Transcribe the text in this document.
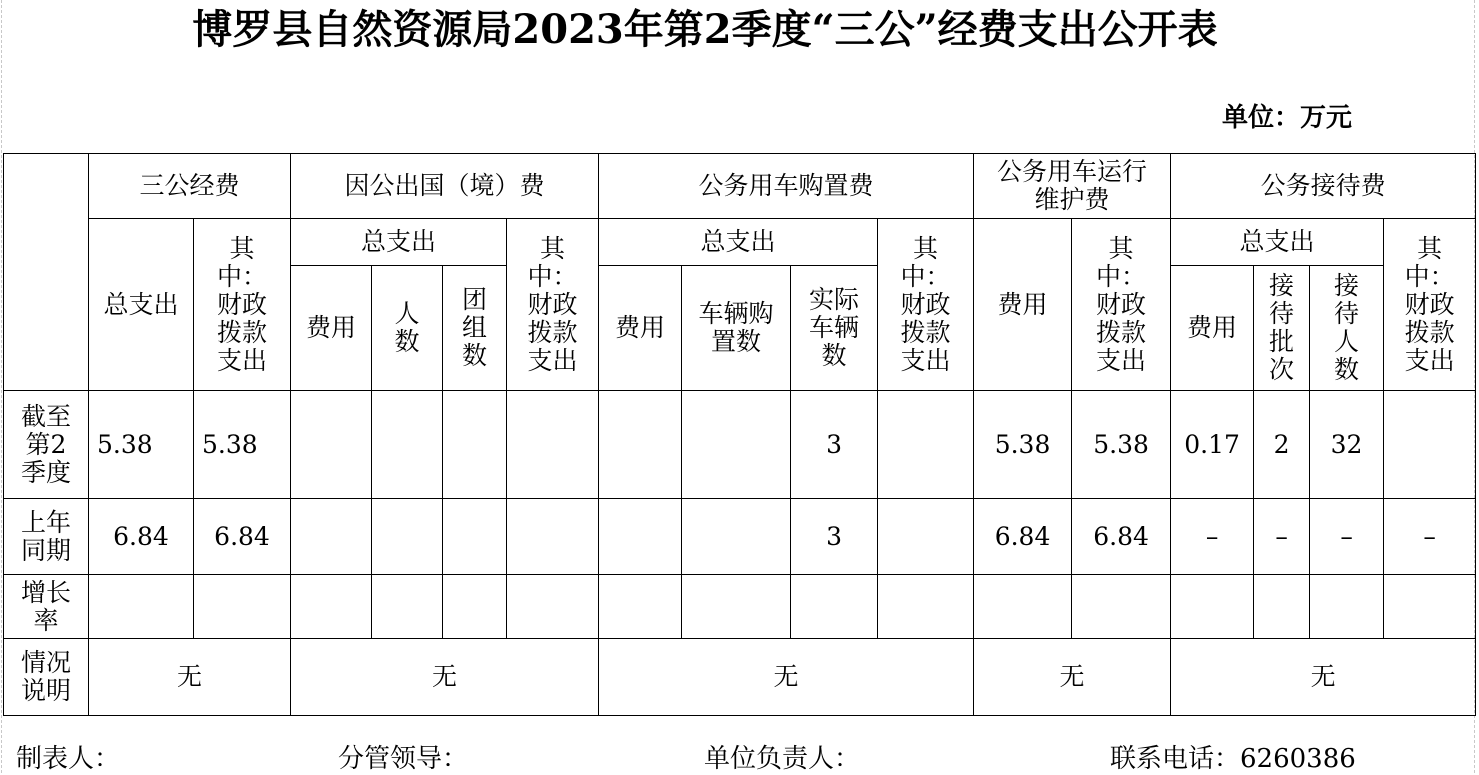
博罗县自然资源局2023年第2季度“三公”经费支出公开表
单位：万元
	三公经费		因公出国（境）费				公务用车购置费				公务用车运行维护费		公务接待费			
	总支出	其中：财政拨款支出	总支出			其中：财政拨款支出	总支出			其中：财政拨款支出	费用	其中：财政拨款支出	总支出			其中：财政拨款支出
			费用	人数	团组数		费用	车辆购置数	实际车辆数				费用	接待批次	接待人数	
截至第2季度	5.38	5.38							3		5.38	5.38	0.17	2	32	
上年同期	6.84	6.84							3		6.84	6.84	–	–	–	–
增长率																
情况说明	无		无				无				无		无			
制表人：	分管领导：	单位负责人：	联系电话：6260386
